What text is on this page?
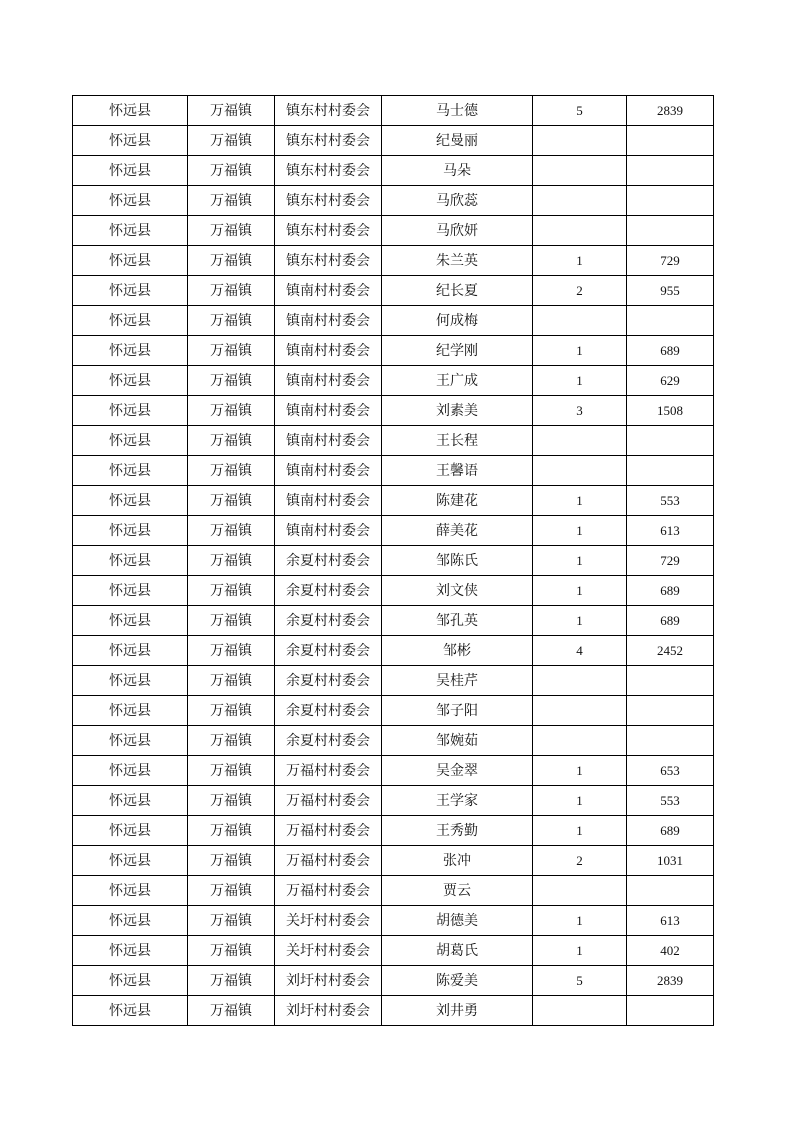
怀远县	万福镇	镇东村村委会	马士德	5	2839
怀远县	万福镇	镇东村村委会	纪曼丽		
怀远县	万福镇	镇东村村委会	马朵		
怀远县	万福镇	镇东村村委会	马欣蕊		
怀远县	万福镇	镇东村村委会	马欣妍		
怀远县	万福镇	镇东村村委会	朱兰英	1	729
怀远县	万福镇	镇南村村委会	纪长夏	2	955
怀远县	万福镇	镇南村村委会	何成梅		
怀远县	万福镇	镇南村村委会	纪学刚	1	689
怀远县	万福镇	镇南村村委会	王广成	1	629
怀远县	万福镇	镇南村村委会	刘素美	3	1508
怀远县	万福镇	镇南村村委会	王长程		
怀远县	万福镇	镇南村村委会	王馨语		
怀远县	万福镇	镇南村村委会	陈建花	1	553
怀远县	万福镇	镇南村村委会	薛美花	1	613
怀远县	万福镇	余夏村村委会	邹陈氏	1	729
怀远县	万福镇	余夏村村委会	刘文侠	1	689
怀远县	万福镇	余夏村村委会	邹孔英	1	689
怀远县	万福镇	余夏村村委会	邹彬	4	2452
怀远县	万福镇	余夏村村委会	吴桂芹		
怀远县	万福镇	余夏村村委会	邹子阳		
怀远县	万福镇	余夏村村委会	邹婉茹		
怀远县	万福镇	万福村村委会	吴金翠	1	653
怀远县	万福镇	万福村村委会	王学家	1	553
怀远县	万福镇	万福村村委会	王秀勤	1	689
怀远县	万福镇	万福村村委会	张冲	2	1031
怀远县	万福镇	万福村村委会	贾云		
怀远县	万福镇	关圩村村委会	胡德美	1	613
怀远县	万福镇	关圩村村委会	胡葛氏	1	402
怀远县	万福镇	刘圩村村委会	陈爱美	5	2839
怀远县	万福镇	刘圩村村委会	刘井勇		
